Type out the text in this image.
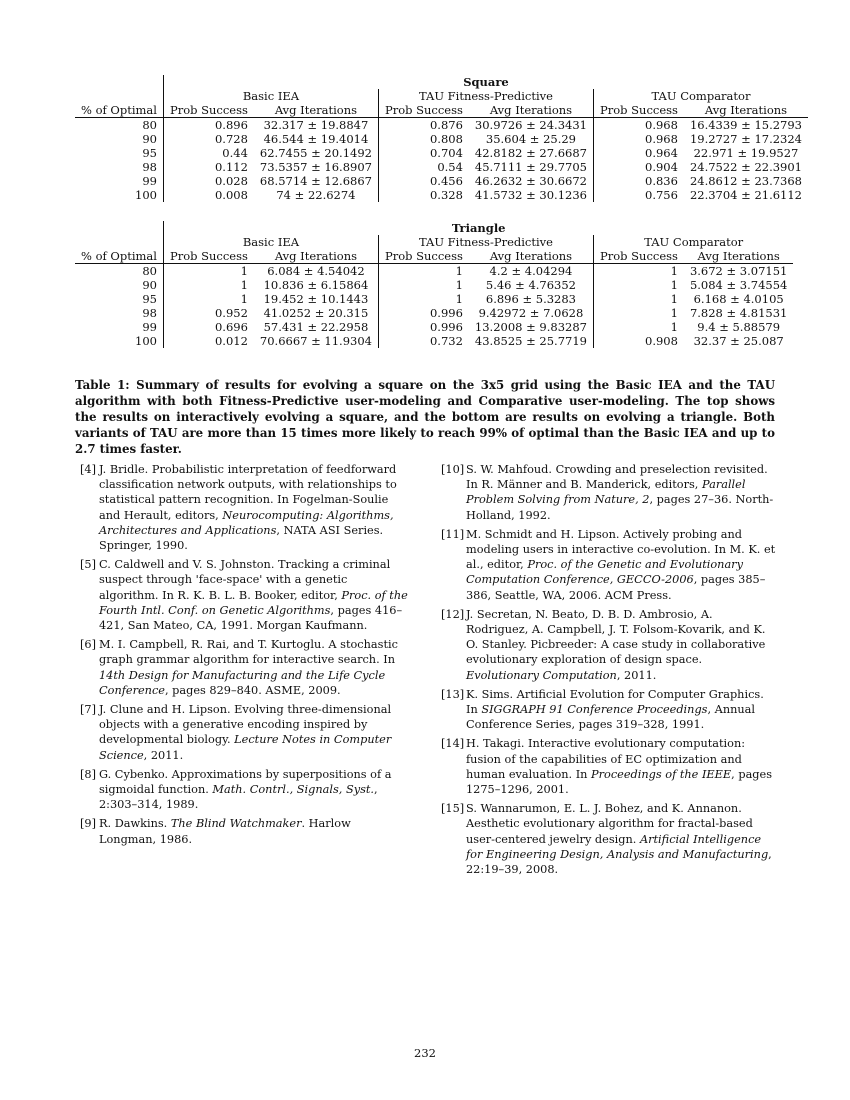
	Square					
	Basic IEA		TAU Fitness-Predictive		TAU Comparator	
% of Optimal	Prob Success	Avg Iterations	Prob Success	Avg Iterations	Prob Success	Avg Iterations
80	0.896	32.317 ± 19.8847	0.876	30.9726 ± 24.3431	0.968	16.4339 ± 15.2793
90	0.728	46.544 ± 19.4014	0.808	35.604 ± 25.29	0.968	19.2727 ± 17.2324
95	0.44	62.7455 ± 20.1492	0.704	42.8182 ± 27.6687	0.964	22.971 ± 19.9527
98	0.112	73.5357 ± 16.8907	0.54	45.7111 ± 29.7705	0.904	24.7522 ± 22.3901
99	0.028	68.5714 ± 12.6867	0.456	46.2632 ± 30.6672	0.836	24.8612 ± 23.7368
100	0.008	74 ± 22.6274	0.328	41.5732 ± 30.1236	0.756	22.3704 ± 21.6112
	Triangle					
	Basic IEA		TAU Fitness-Predictive		TAU Comparator	
% of Optimal	Prob Success	Avg Iterations	Prob Success	Avg Iterations	Prob Success	Avg Iterations
80	1	6.084 ± 4.54042	1	4.2 ± 4.04294	1	3.672 ± 3.07151
90	1	10.836 ± 6.15864	1	5.46 ± 4.76352	1	5.084 ± 3.74554
95	1	19.452 ± 10.1443	1	6.896 ± 5.3283	1	6.168 ± 4.0105
98	0.952	41.0252 ± 20.315	0.996	9.42972 ± 7.0628	1	7.828 ± 4.81531
99	0.696	57.431 ± 22.2958	0.996	13.2008 ± 9.83287	1	9.4 ± 5.88579
100	0.012	70.6667 ± 11.9304	0.732	43.8525 ± 25.7719	0.908	32.37 ± 25.087
Table 1: Summary of results for evolving a square on the 3x5 grid using the Basic IEA and the TAU algorithm with both Fitness-Predictive user-modeling and Comparative user-modeling. The top shows the results on interactively evolving a square, and the bottom are results on evolving a triangle. Both variants of TAU are more than 15 times more likely to reach 99% of optimal than the Basic IEA and up to 2.7 times faster.
[4] J. Bridle. Probabilistic interpretation of feedforward classification network outputs, with relationships to statistical pattern recognition. In Fogelman-Soulie and Herault, editors, Neurocomputing: Algorithms, Architectures and Applications, NATA ASI Series. Springer, 1990.
[5] C. Caldwell and V. S. Johnston. Tracking a criminal suspect through 'face-space' with a genetic algorithm. In R. K. B. L. B. Booker, editor, Proc. of the Fourth Intl. Conf. on Genetic Algorithms, pages 416–421, San Mateo, CA, 1991. Morgan Kaufmann.
[6] M. I. Campbell, R. Rai, and T. Kurtoglu. A stochastic graph grammar algorithm for interactive search. In 14th Design for Manufacturing and the Life Cycle Conference, pages 829–840. ASME, 2009.
[7] J. Clune and H. Lipson. Evolving three-dimensional objects with a generative encoding inspired by developmental biology. Lecture Notes in Computer Science, 2011.
[8] G. Cybenko. Approximations by superpositions of a sigmoidal function. Math. Contrl., Signals, Syst., 2:303–314, 1989.
[9] R. Dawkins. The Blind Watchmaker. Harlow Longman, 1986.
[10] S. W. Mahfoud. Crowding and preselection revisited. In R. Männer and B. Manderick, editors, Parallel Problem Solving from Nature, 2, pages 27–36. North-Holland, 1992.
[11] M. Schmidt and H. Lipson. Actively probing and modeling users in interactive co-evolution. In M. K. et al., editor, Proc. of the Genetic and Evolutionary Computation Conference, GECCO-2006, pages 385–386, Seattle, WA, 2006. ACM Press.
[12] J. Secretan, N. Beato, D. B. D. Ambrosio, A. Rodriguez, A. Campbell, J. T. Folsom-Kovarik, and K. O. Stanley. Picbreeder: A case study in collaborative evolutionary exploration of design space. Evolutionary Computation, 2011.
[13] K. Sims. Artificial Evolution for Computer Graphics. In SIGGRAPH 91 Conference Proceedings, Annual Conference Series, pages 319–328, 1991.
[14] H. Takagi. Interactive evolutionary computation: fusion of the capabilities of EC optimization and human evaluation. In Proceedings of the IEEE, pages 1275–1296, 2001.
[15] S. Wannarumon, E. L. J. Bohez, and K. Annanon. Aesthetic evolutionary algorithm for fractal-based user-centered jewelry design. Artificial Intelligence for Engineering Design, Analysis and Manufacturing, 22:19–39, 2008.
232
